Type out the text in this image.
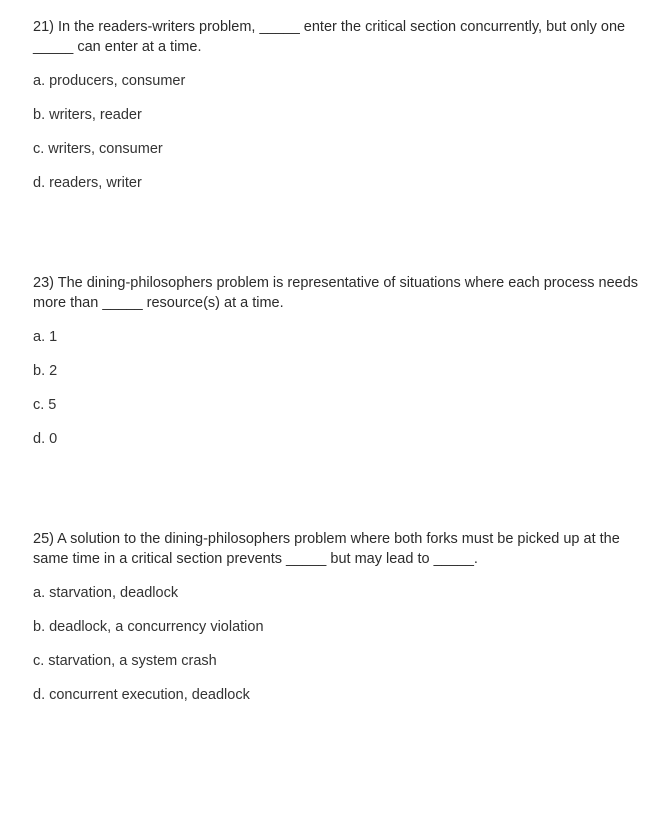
21) In the readers-writers problem, _____ enter the critical section concurrently, but only one
_____ can enter at a time.

a. producers, consumer
b. writers, reader
c. writers, consumer
d. readers, writer

23) The dining-philosophers problem is representative of situations where each process needs
more than _____ resource(s) at a time.

a. 1
b. 2
c. 5
d. 0

25) A solution to the dining-philosophers problem where both forks must be picked up at the
same time in a critical section prevents _____ but may lead to _____.

a. starvation, deadlock
b. deadlock, a concurrency violation
c. starvation, a system crash
d. concurrent execution, deadlock
